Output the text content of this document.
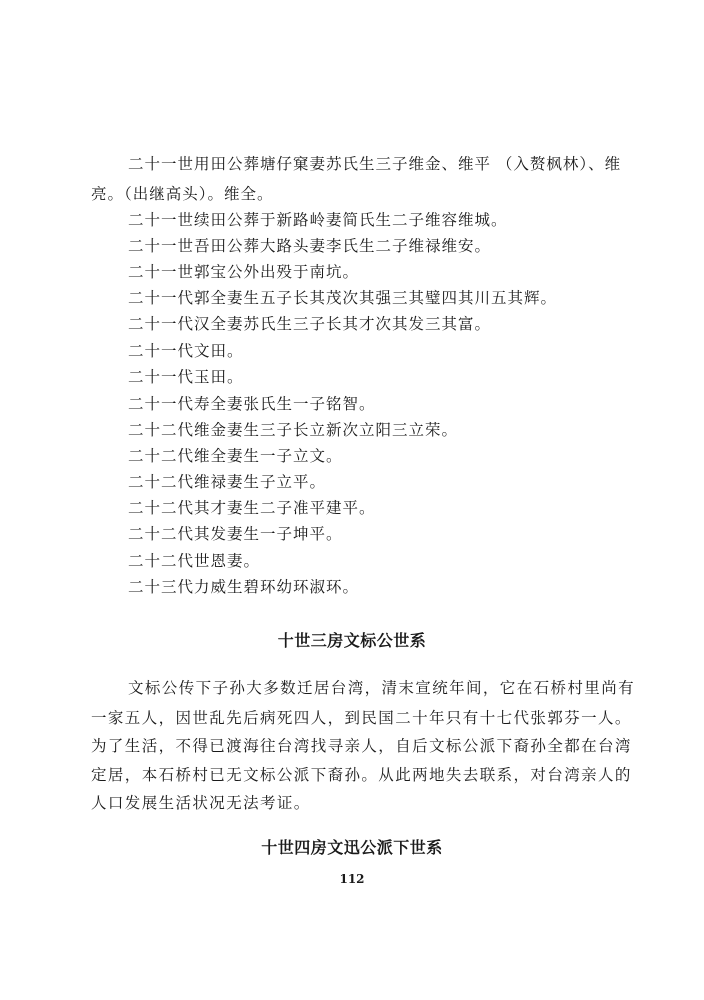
二十一世用田公葬塘仔窠妻苏氏生三子维金、维平 （入赘枫林）、维
亮。（出继高头）。维全。
二十一世续田公葬于新路岭妻简氏生二子维容维城。
二十一世吾田公葬大路头妻李氏生二子维禄维安。
二十一世郭宝公外出殁于南坑。
二十一代郭全妻生五子长其茂次其强三其璧四其川五其辉。
二十一代汉全妻苏氏生三子长其才次其发三其富。
二十一代文田。
二十一代玉田。
二十一代寿全妻张氏生一子铭智。
二十二代维金妻生三子长立新次立阳三立荣。
二十二代维全妻生一子立文。
二十二代维禄妻生子立平。
二十二代其才妻生二子准平建平。
二十二代其发妻生一子坤平。
二十二代世恩妻。
二十三代力威生碧环幼环淑环。
十世三房文标公世系
文标公传下子孙大多数迁居台湾，清末宣统年间，它在石桥村里尚有
一家五人，因世乱先后病死四人，到民国二十年只有十七代张郭芬一人。
为了生活，不得已渡海往台湾找寻亲人，自后文标公派下裔孙全都在台湾
定居，本石桥村已无文标公派下裔孙。从此两地失去联系，对台湾亲人的
人口发展生活状况无法考证。
十世四房文迅公派下世系
112
